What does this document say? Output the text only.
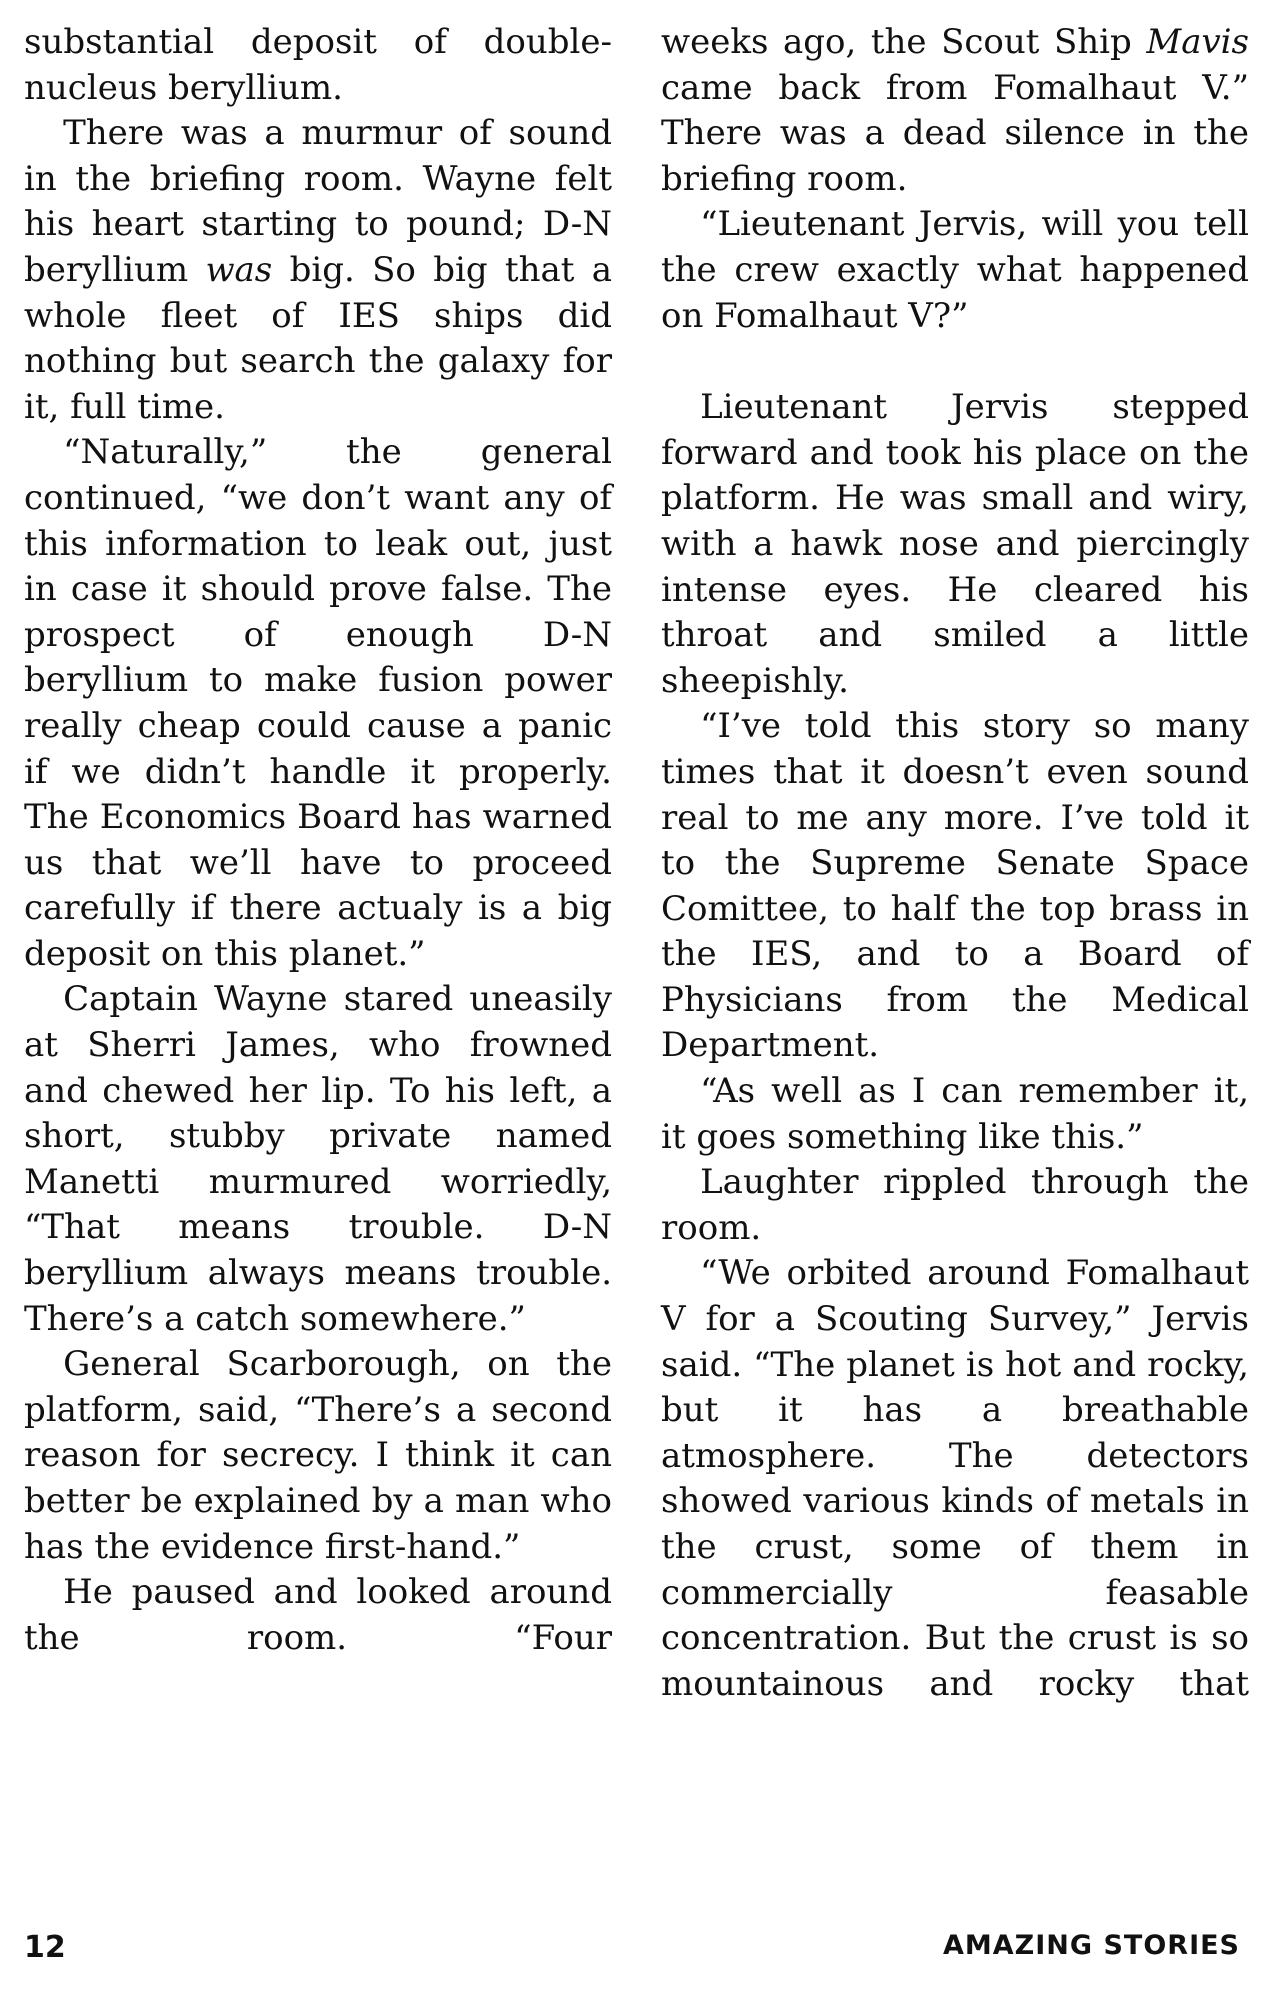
substantial deposit of double-nucleus beryllium.

There was a murmur of sound in the briefing room. Wayne felt his heart starting to pound; D-N beryllium was big. So big that a whole fleet of IES ships did nothing but search the galaxy for it, full time.

“Naturally,” the general continued, “we don’t want any of this information to leak out, just in case it should prove false. The prospect of enough D-N beryllium to make fusion power really cheap could cause a panic if we didn’t handle it properly. The Economics Board has warned us that we’ll have to proceed carefully if there actualy is a big deposit on this planet.”

Captain Wayne stared uneasily at Sherri James, who frowned and chewed her lip. To his left, a short, stubby private named Manetti murmured worriedly, “That means trouble. D-N beryllium always means trouble. There’s a catch somewhere.”

General Scarborough, on the platform, said, “There’s a second reason for secrecy. I think it can better be explained by a man who has the evidence first-hand.”

He paused and looked around the room. “Four

weeks ago, the Scout Ship Mavis came back from Fomalhaut V.” There was a dead silence in the briefing room.

“Lieutenant Jervis, will you tell the crew exactly what happened on Fomalhaut V?”

Lieutenant Jervis stepped forward and took his place on the platform. He was small and wiry, with a hawk nose and piercingly intense eyes. He cleared his throat and smiled a little sheepishly.

“I’ve told this story so many times that it doesn’t even sound real to me any more. I’ve told it to the Supreme Senate Space Comittee, to half the top brass in the IES, and to a Board of Physicians from the Medical Department.

“As well as I can remember it, it goes something like this.”

Laughter rippled through the room.

“We orbited around Fomalhaut V for a Scouting Survey,” Jervis said. “The planet is hot and rocky, but it has a breathable atmosphere. The detectors showed various kinds of metals in the crust, some of them in commercially feasable concentration. But the crust is so mountainous and rocky that

12	AMAZING STORIES
